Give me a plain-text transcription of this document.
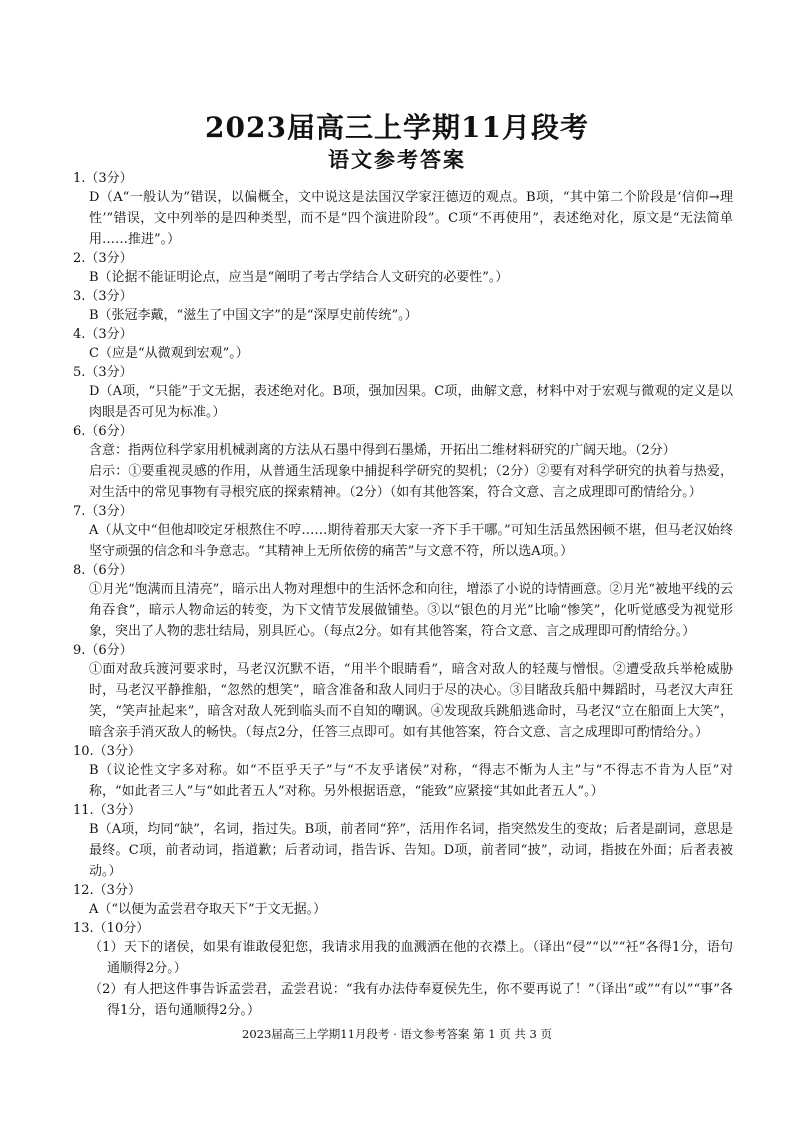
2023届高三上学期11月段考
语文参考答案

1.（3分）

D（A“一般认为”错误，以偏概全，文中说这是法国汉学家汪德迈的观点。B项，“其中第二个阶段是‘信仰→理性’”错误，文中列举的是四种类型，而不是“四个演进阶段”。C项“不再使用”，表述绝对化，原文是“无法简单用……推进”。）

2.（3分）

B（论据不能证明论点，应当是“阐明了考古学结合人文研究的必要性”。）

3.（3分）

B（张冠李戴，“滋生了中国文字”的是“深厚史前传统”。）

4.（3分）

C（应是“从微观到宏观”。）

5.（3分）

D（A项，“只能”于文无据，表述绝对化。B项，强加因果。C项，曲解文意，材料中对于宏观与微观的定义是以肉眼是否可见为标准。）

6.（6分）

含意：指两位科学家用机械剥离的方法从石墨中得到石墨烯，开拓出二维材料研究的广阔天地。（2分）

启示：①要重视灵感的作用，从普通生活现象中捕捉科学研究的契机；（2分）②要有对科学研究的执着与热爱，对生活中的常见事物有寻根究底的探索精神。（2分）（如有其他答案，符合文意、言之成理即可酌情给分。）

7.（3分）

A（从文中“但他却咬定牙根熬住不哼……期待着那天大家一齐下手干哪。”可知生活虽然困顿不堪，但马老汉始终坚守顽强的信念和斗争意志。“其精神上无所依傍的痛苦”与文意不符，所以选A项。）

8.（6分）

①月光“饱满而且清亮”，暗示出人物对理想中的生活怀念和向往，增添了小说的诗情画意。②月光“被地平线的云角吞食”，暗示人物命运的转变，为下文情节发展做铺垫。③以“银色的月光”比喻“惨笑”，化听觉感受为视觉形象，突出了人物的悲壮结局，别具匠心。（每点2分。如有其他答案，符合文意、言之成理即可酌情给分。）

9.（6分）

①面对敌兵渡河要求时，马老汉沉默不语，“用半个眼睛看”，暗含对敌人的轻蔑与憎恨。②遭受敌兵举枪威胁时，马老汉平静推船，“忽然的想笑”，暗含准备和敌人同归于尽的决心。③目睹敌兵船中舞蹈时，马老汉大声狂笑，“笑声扯起来”，暗含对敌人死到临头而不自知的嘲讽。④发现敌兵跳船逃命时，马老汉“立在船面上大笑”，暗含亲手消灭敌人的畅快。（每点2分，任答三点即可。如有其他答案，符合文意、言之成理即可酌情给分。）

10.（3分）

B（议论性文字多对称。如“不臣乎天子”与“不友乎诸侯”对称，“得志不惭为人主”与“不得志不肯为人臣”对称，“如此者三人”与“如此者五人”对称。另外根据语意，“能致”应紧接“其如此者五人”。）

11.（3分）

B（A项，均同“缺”，名词，指过失。B项，前者同“猝”，活用作名词，指突然发生的变故；后者是副词，意思是最终。C项，前者动词，指道歉；后者动词，指告诉、告知。D项，前者同“披”，动词，指披在外面；后者表被动。）

12.（3分）

A（“以便为孟尝君夺取天下”于文无据。）

13.（10分）

（1）天下的诸侯，如果有谁敢侵犯您，我请求用我的血溅洒在他的衣襟上。（译出“侵”“以”“衽”各得1分，语句通顺得2分。）

（2）有人把这件事告诉孟尝君，孟尝君说：“我有办法侍奉夏侯先生，你不要再说了！”（译出“或”“有以”“事”各得1分，语句通顺得2分。）

2023届高三上学期11月段考 · 语文参考答案 第 1 页 共 3 页
